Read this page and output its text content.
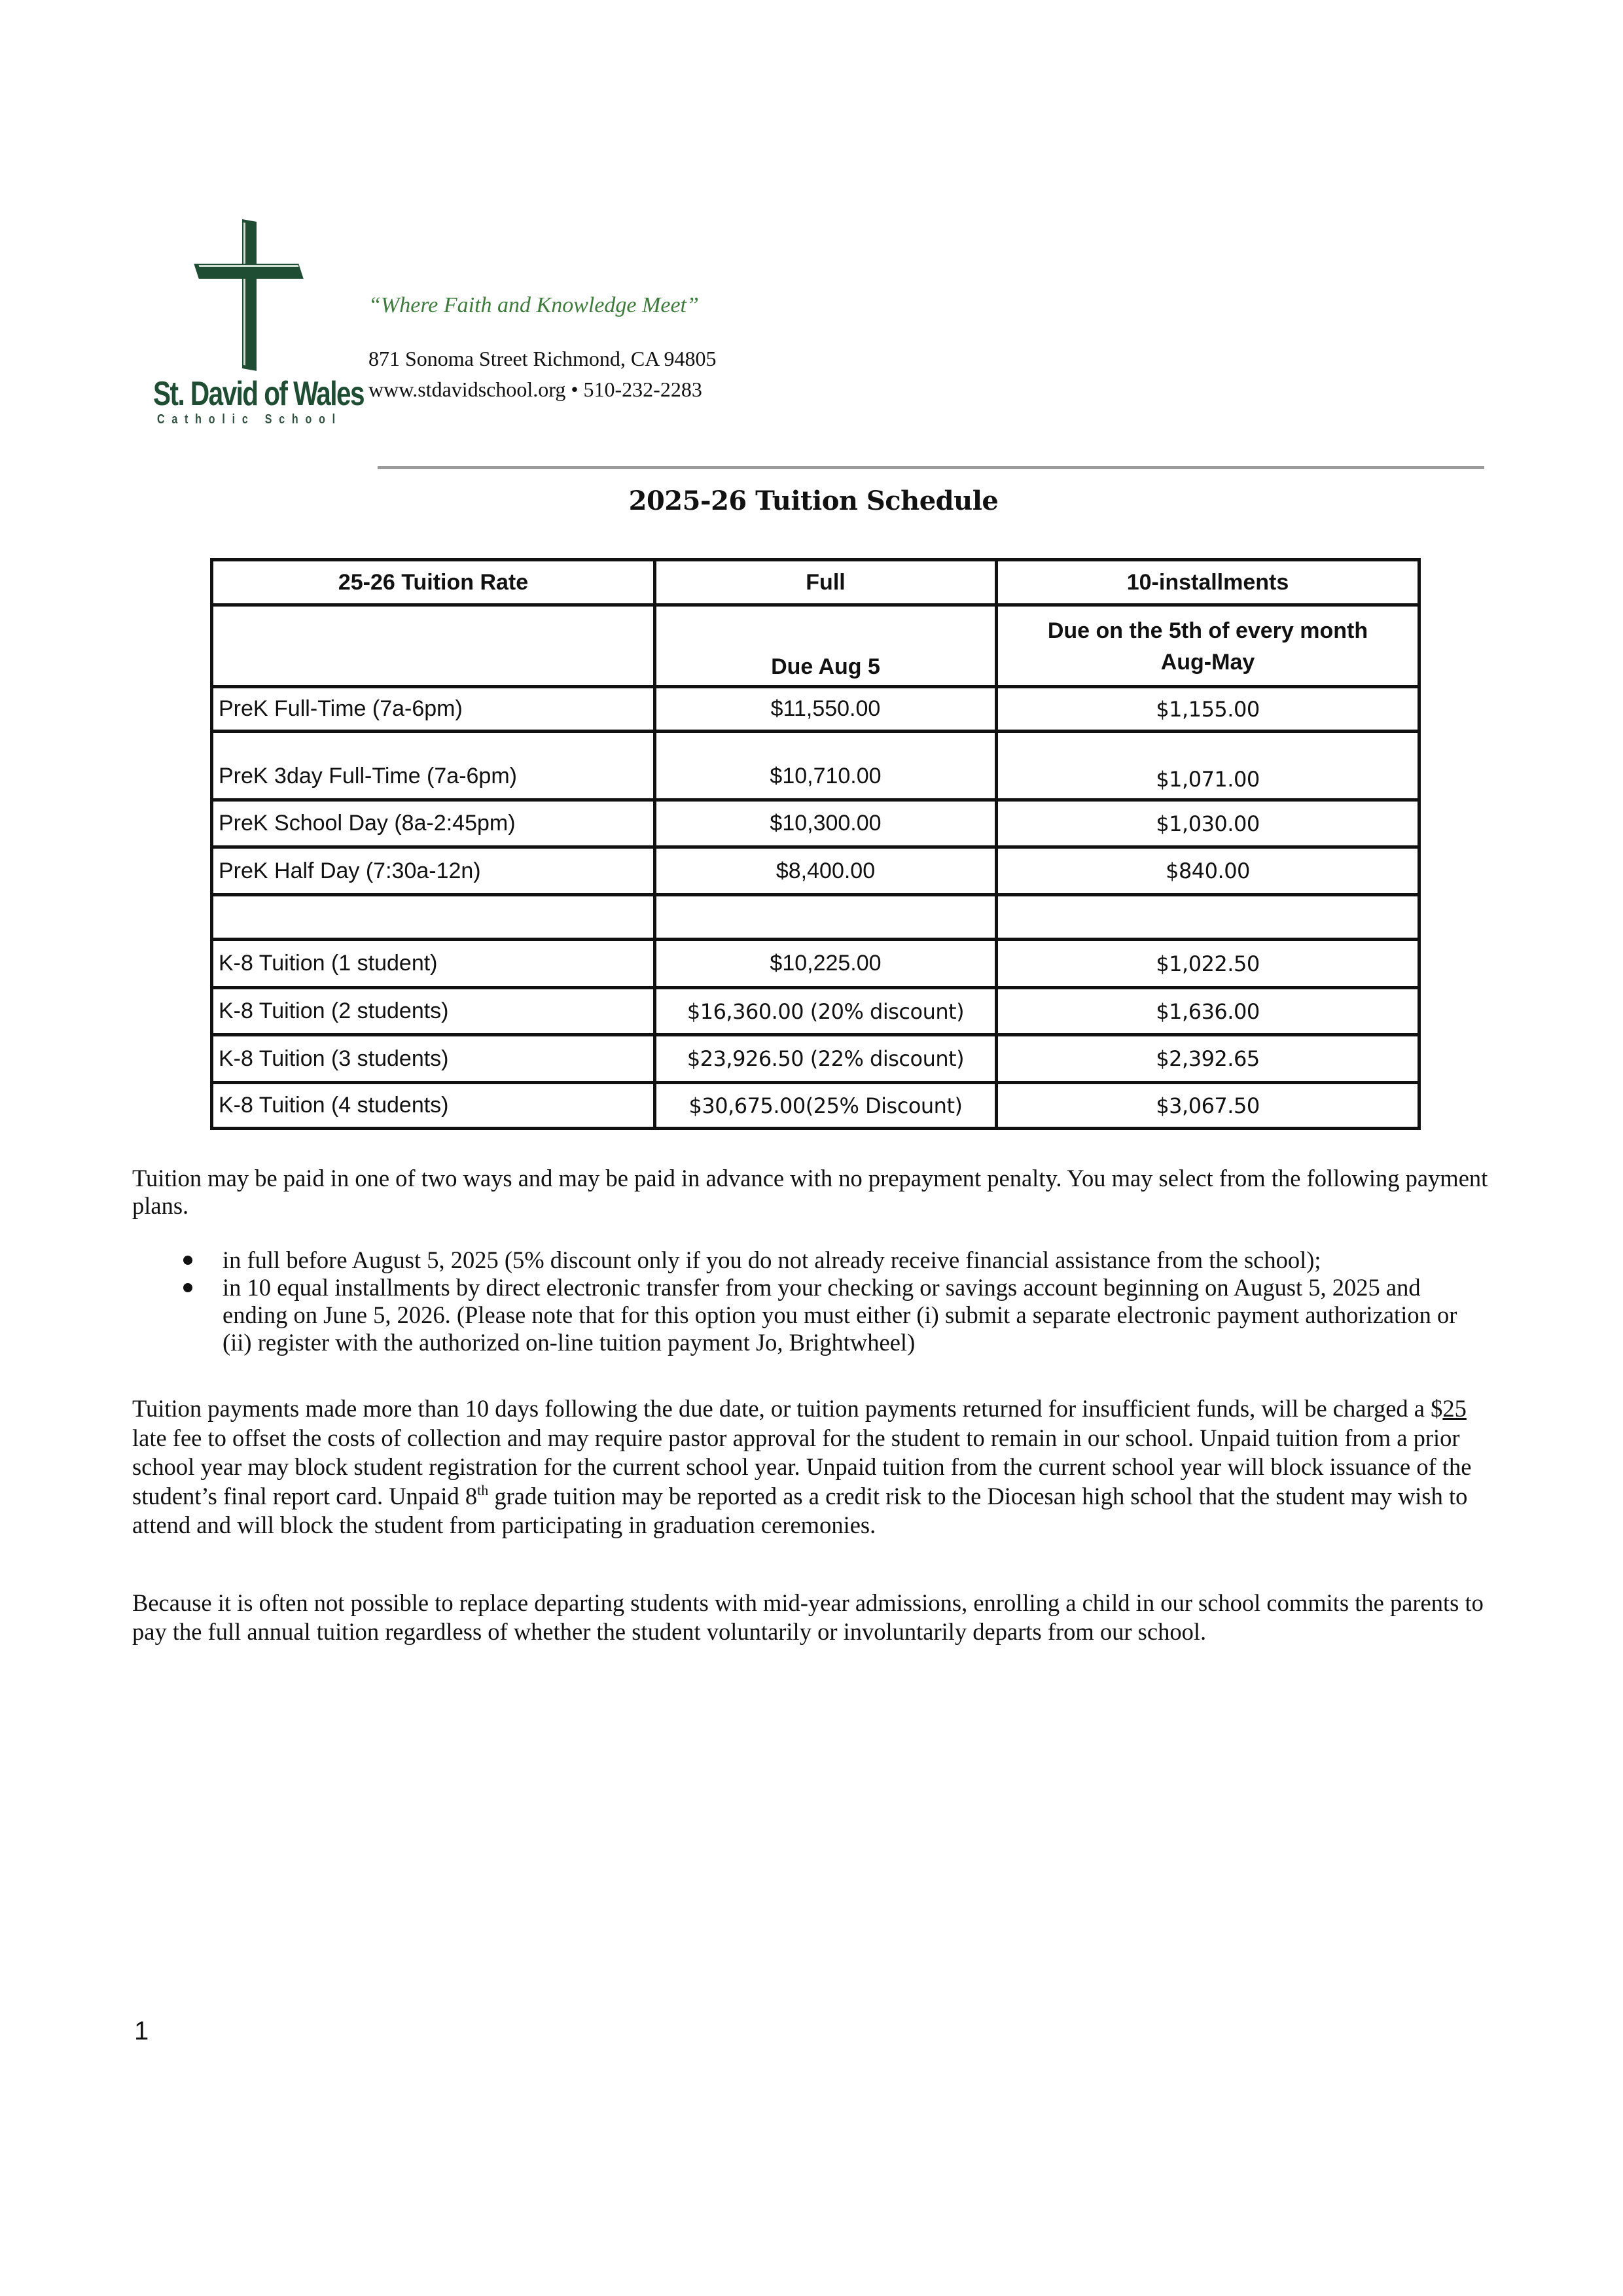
St. David of Wales
Catholic School
“Where Faith and Knowledge Meet”
871 Sonoma Street Richmond, CA 94805
www.stdavidschool.org • 510-232-2283
2025-26 Tuition Schedule
25-26 Tuition Rate	Full	10-installments
	Due Aug 5	Due on the 5th of every month
Aug-May

PreK Full-Time (7a-6pm)	$11,550.00	$1,155.00
PreK 3day Full-Time (7a-6pm)	$10,710.00	$1,071.00
PreK School Day (8a-2:45pm)	$10,300.00	$1,030.00
PreK Half Day (7:30a-12n)	$8,400.00	$840.00

K-8 Tuition (1 student)	$10,225.00	$1,022.50
K-8 Tuition (2 students)	$16,360.00 (20% discount)	$1,636.00
K-8 Tuition (3 students)	$23,926.50 (22% discount)	$2,392.65
K-8 Tuition (4 students)	$30,675.00(25% Discount)	$3,067.50
Tuition may be paid in one of two ways and may be paid in advance with no prepayment penalty. You may select from the following payment plans.
in full before August 5, 2025 (5% discount only if you do not already receive financial assistance from the school);
in 10 equal installments by direct electronic transfer from your checking or savings account beginning on August 5, 2025 and ending on June 5, 2026. (Please note that for this option you must either (i) submit a separate electronic payment authorization or (ii) register with the authorized on-line tuition payment Jo, Brightwheel)
Tuition payments made more than 10 days following the due date, or tuition payments returned for insufficient funds, will be charged a $25 late fee to offset the costs of collection and may require pastor approval for the student to remain in our school. Unpaid tuition from a prior school year may block student registration for the current school year. Unpaid tuition from the current school year will block issuance of the student’s final report card. Unpaid 8th grade tuition may be reported as a credit risk to the Diocesan high school that the student may wish to attend and will block the student from participating in graduation ceremonies.
Because it is often not possible to replace departing students with mid-year admissions, enrolling a child in our school commits the parents to pay the full annual tuition regardless of whether the student voluntarily or involuntarily departs from our school.
1
